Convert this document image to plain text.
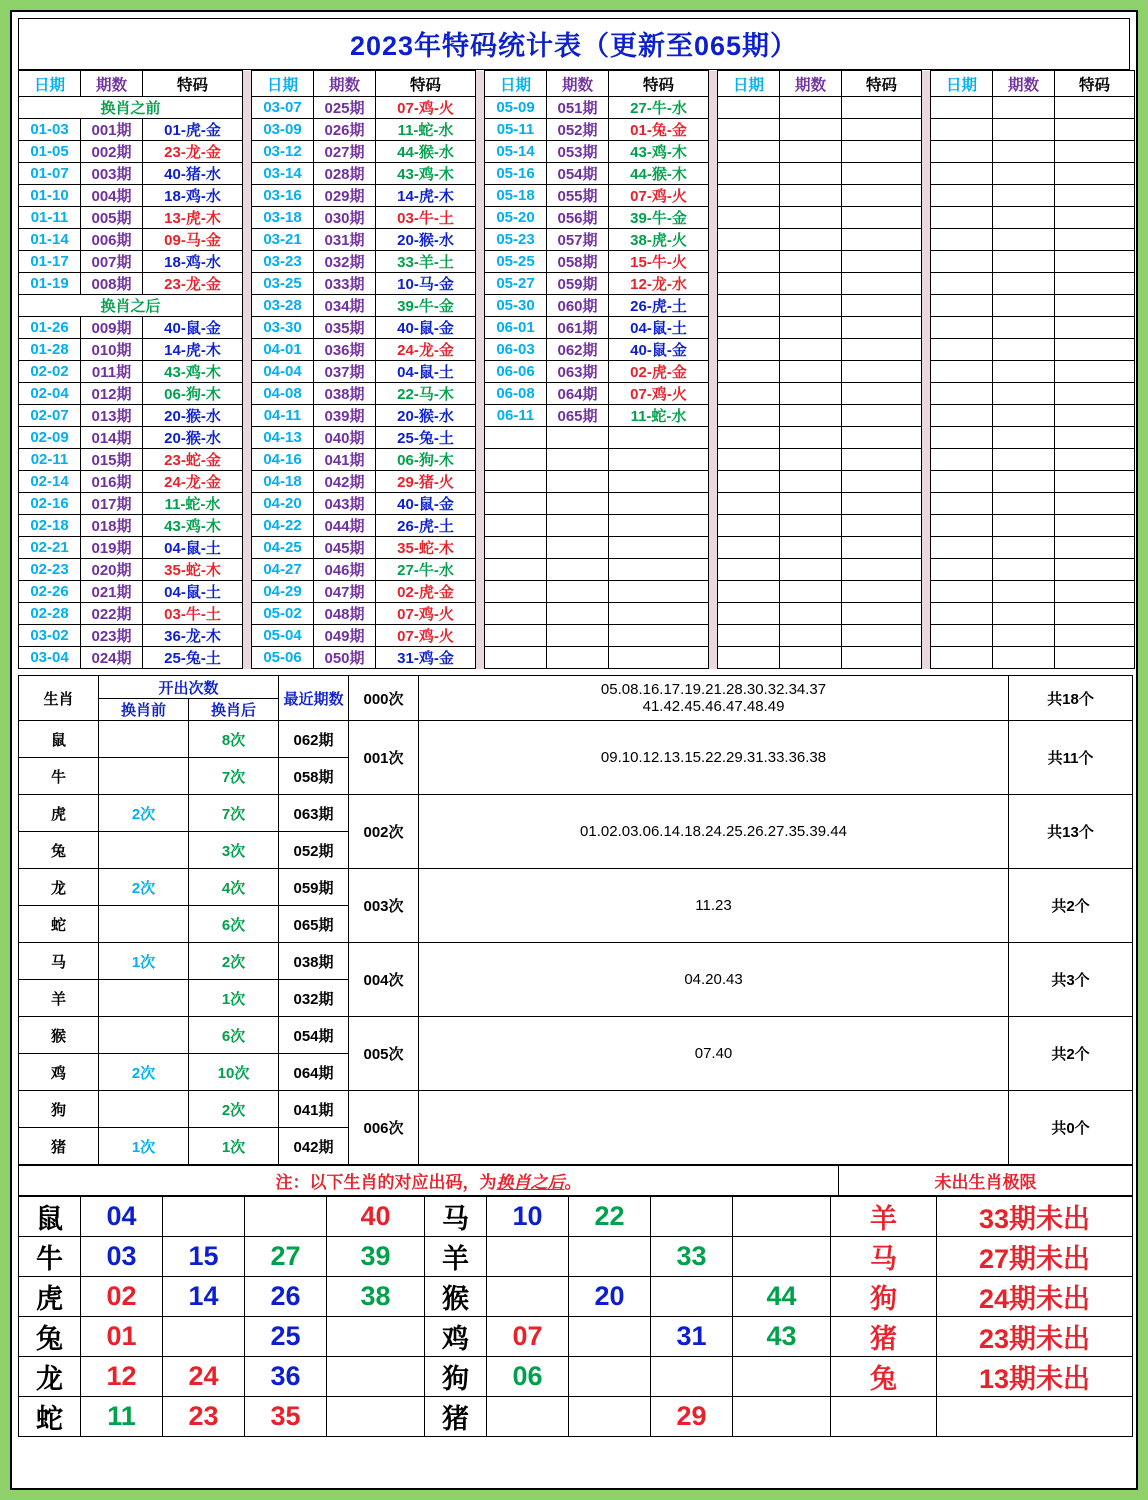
2023年特码统计表（更新至065期）
日期	期数	特码		日期	期数	特码		日期	期数	特码		日期	期数	特码		日期	期数	特码
换肖之前				03-07	025期	07-鸡-火		05-09	051期	27-牛-水								
01-03	001期	01-虎-金		03-09	026期	11-蛇-水		05-11	052期	01-兔-金								
01-05	002期	23-龙-金		03-12	027期	44-猴-水		05-14	053期	43-鸡-木								
01-07	003期	40-猪-水		03-14	028期	43-鸡-木		05-16	054期	44-猴-木								
01-10	004期	18-鸡-水		03-16	029期	14-虎-木		05-18	055期	07-鸡-火								
01-11	005期	13-虎-木		03-18	030期	03-牛-土		05-20	056期	39-牛-金								
01-14	006期	09-马-金		03-21	031期	20-猴-水		05-23	057期	38-虎-火								
01-17	007期	18-鸡-水		03-23	032期	33-羊-土		05-25	058期	15-牛-火								
01-19	008期	23-龙-金		03-25	033期	10-马-金		05-27	059期	12-龙-水								
换肖之后				03-28	034期	39-牛-金		05-30	060期	26-虎-土								
01-26	009期	40-鼠-金		03-30	035期	40-鼠-金		06-01	061期	04-鼠-土								
01-28	010期	14-虎-木		04-01	036期	24-龙-金		06-03	062期	40-鼠-金								
02-02	011期	43-鸡-木		04-04	037期	04-鼠-土		06-06	063期	02-虎-金								
02-04	012期	06-狗-木		04-08	038期	22-马-木		06-08	064期	07-鸡-火								
02-07	013期	20-猴-水		04-11	039期	20-猴-水		06-11	065期	11-蛇-水								
02-09	014期	20-猴-水		04-13	040期	25-兔-土												
02-11	015期	23-蛇-金		04-16	041期	06-狗-木												
02-14	016期	24-龙-金		04-18	042期	29-猪-火												
02-16	017期	11-蛇-水		04-20	043期	40-鼠-金												
02-18	018期	43-鸡-木		04-22	044期	26-虎-土												
02-21	019期	04-鼠-土		04-25	045期	35-蛇-木												
02-23	020期	35-蛇-木		04-27	046期	27-牛-水												
02-26	021期	04-鼠-土		04-29	047期	02-虎-金												
02-28	022期	03-牛-土		05-02	048期	07-鸡-火												
03-02	023期	36-龙-木		05-04	049期	07-鸡-火												
03-04	024期	25-兔-土		05-06	050期	31-鸡-金												
生肖	开出次数		最近期数	000次	05.08.16.17.19.21.28.30.32.34.37
41.42.45.46.47.48.49	共18个
	换肖前	换肖后				
鼠		8次	062期	001次	09.10.12.13.15.22.29.31.33.36.38	共11个
牛		7次	058期			
虎	2次	7次	063期	002次	01.02.03.06.14.18.24.25.26.27.35.39.44	共13个
兔		3次	052期			
龙	2次	4次	059期	003次	11.23	共2个
蛇		6次	065期			
马	1次	2次	038期	004次	04.20.43	共3个
羊		1次	032期			
猴		6次	054期	005次	07.40	共2个
鸡	2次	10次	064期			
狗		2次	041期	006次		共0个
猪	1次	1次	042期			
注：以下生肖的对应出码，为换肖之后。	未出生肖极限
鼠	04			40	马	10	22			羊	33期未出
牛	03	15	27	39	羊			33		马	27期未出
虎	02	14	26	38	猴		20		44	狗	24期未出
兔	01		25		鸡	07		31	43	猪	23期未出
龙	12	24	36		狗	06				兔	13期未出
蛇	11	23	35		猪			29			
